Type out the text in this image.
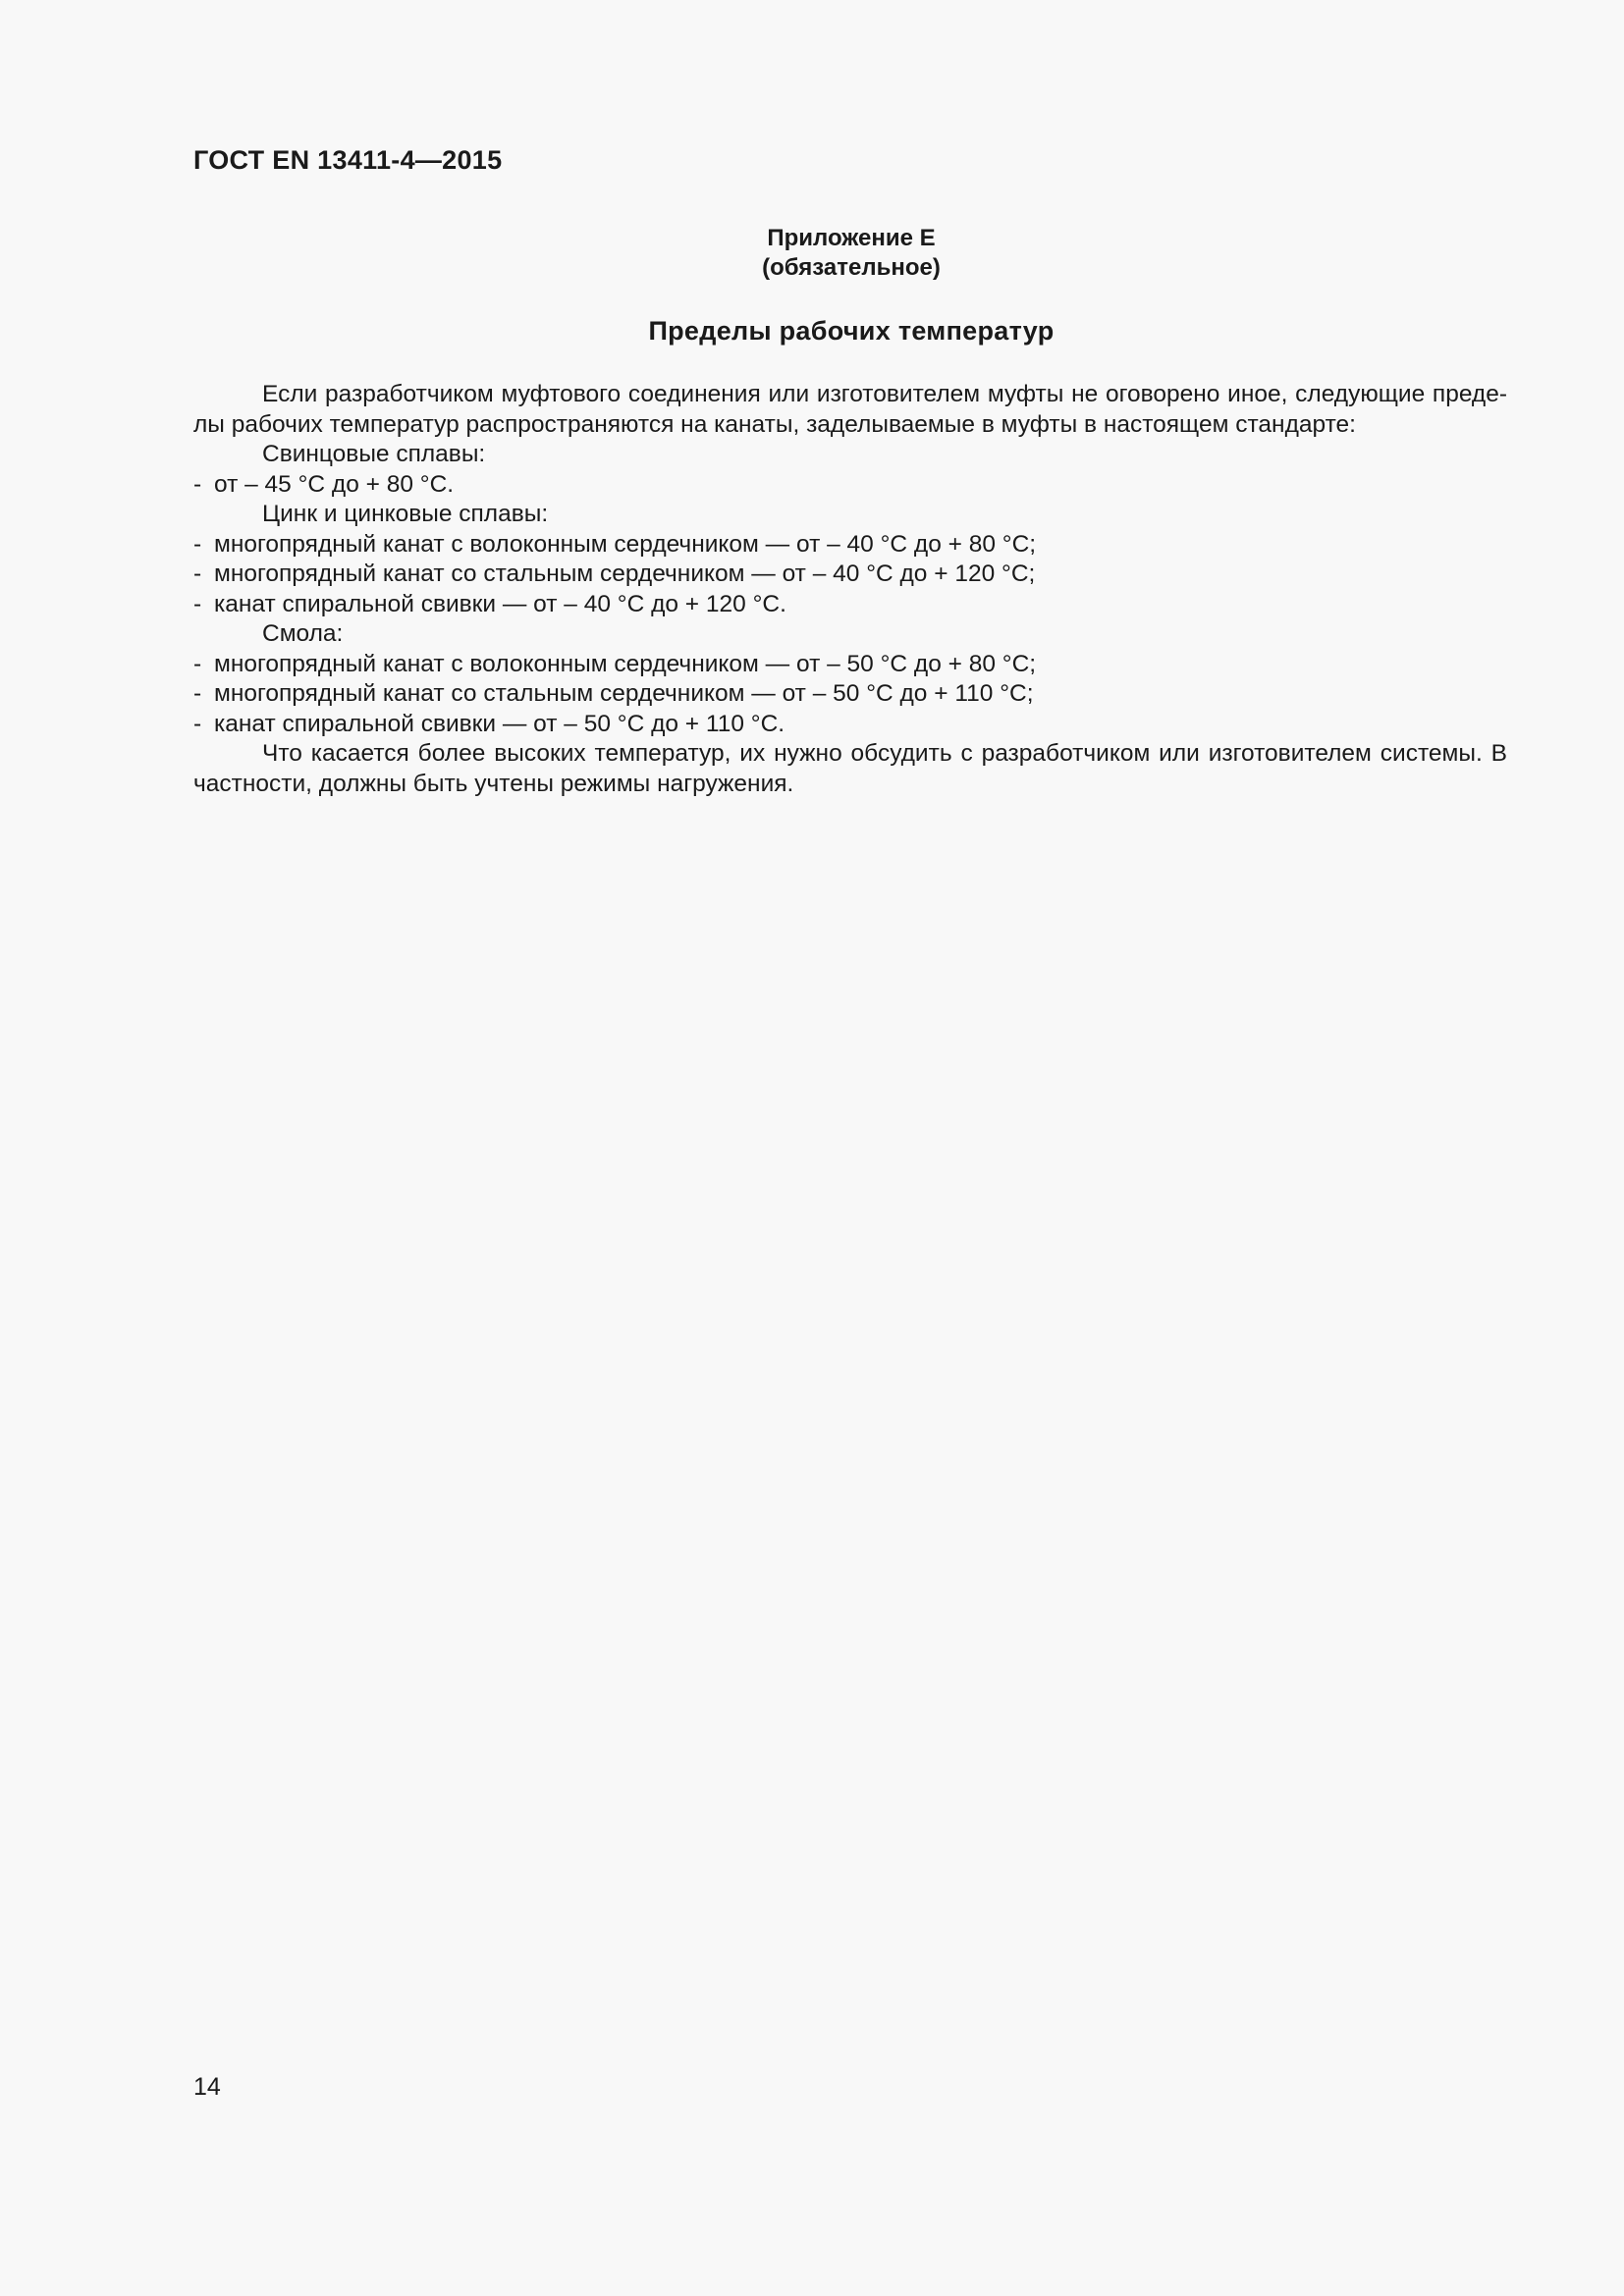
ГОСТ EN 13411-4—2015
Приложение Е
(обязательное)
Пределы рабочих температур

Если разработчиком муфтового соединения или изготовителем муфты не оговорено иное, следующие пределы рабочих температур распространяются на канаты, заделываемые в муфты в настоящем стандарте:

Свинцовые сплавы:

- от – 45 °С до + 80 °С.

Цинк и цинковые сплавы:

- многопрядный канат с волоконным сердечником — от – 40 °С до + 80 °С;

- многопрядный канат со стальным сердечником — от – 40 °С до + 120 °С;

- канат спиральной свивки — от – 40 °С до + 120 °С.

Смола:

- многопрядный канат с волоконным сердечником — от – 50 °С до + 80 °С;

- многопрядный канат со стальным сердечником — от – 50 °С до + 110 °С;

- канат спиральной свивки — от – 50 °С до + 110 °С.

Что касается более высоких температур, их нужно обсудить с разработчиком или изготовителем системы. В частности, должны быть учтены режимы нагружения.

14
